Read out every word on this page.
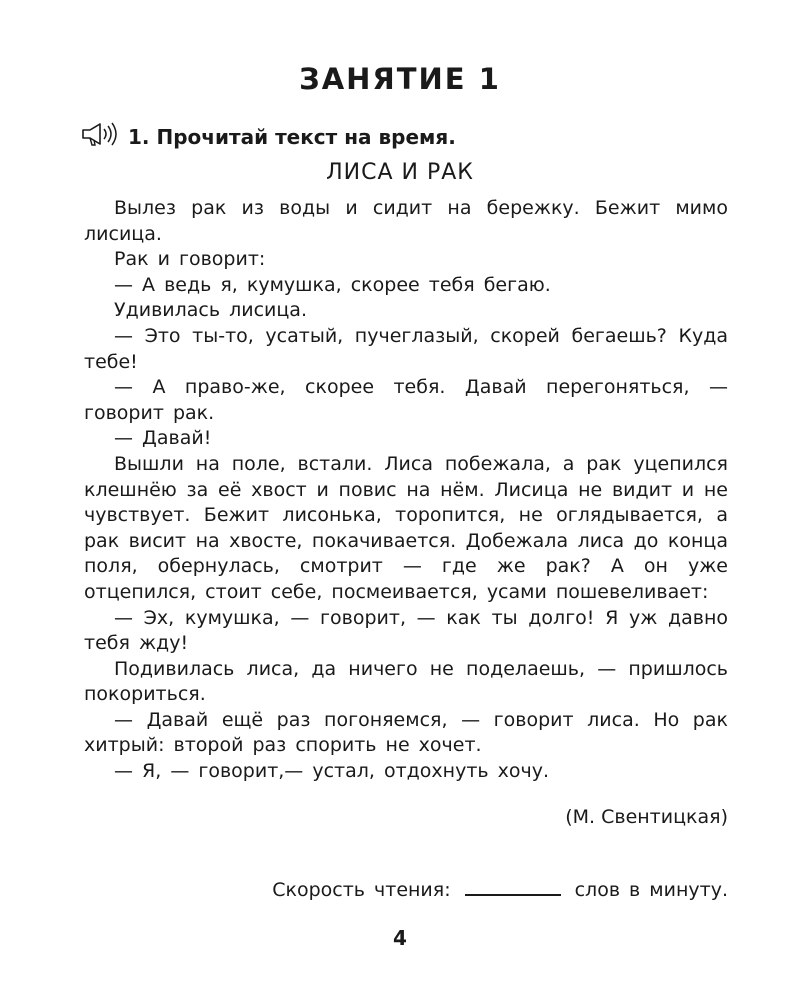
ЗАНЯТИЕ 1
1. Прочитай текст на время.
ЛИСА И РАК

Вылез рак из воды и сидит на бережку. Бежит мимо лисица.

Рак и говорит:

— А ведь я, кумушка, скорее тебя бегаю.

Удивилась лисица.

— Это ты-то, усатый, пучеглазый, скорей бегаешь? Куда тебе!

— А право-же, скорее тебя. Давай перегоняться, — говорит рак.

— Давай!

Вышли на поле, встали. Лиса побежала, а рак уцепился клешнёю за её хвост и повис на нём. Лисица не видит и не чувствует. Бежит лисонька, торопится, не оглядывается, а рак висит на хвосте, покачивается. Добежала лиса до конца поля, обернулась, смотрит — где же рак? А он уже отцепился, стоит себе, посмеивается, усами пошевеливает:

— Эх, кумушка, — говорит, — как ты долго! Я уж давно тебя жду!

Подивилась лиса, да ничего не поделаешь, — пришлось покориться.

— Давай ещё раз погоняемся, — говорит лиса. Но рак хитрый: второй раз спорить не хочет.

— Я, — говорит,— устал, отдохнуть хочу.

(М. Свентицкая)
Скорость чтения:	слов в минуту.
4
